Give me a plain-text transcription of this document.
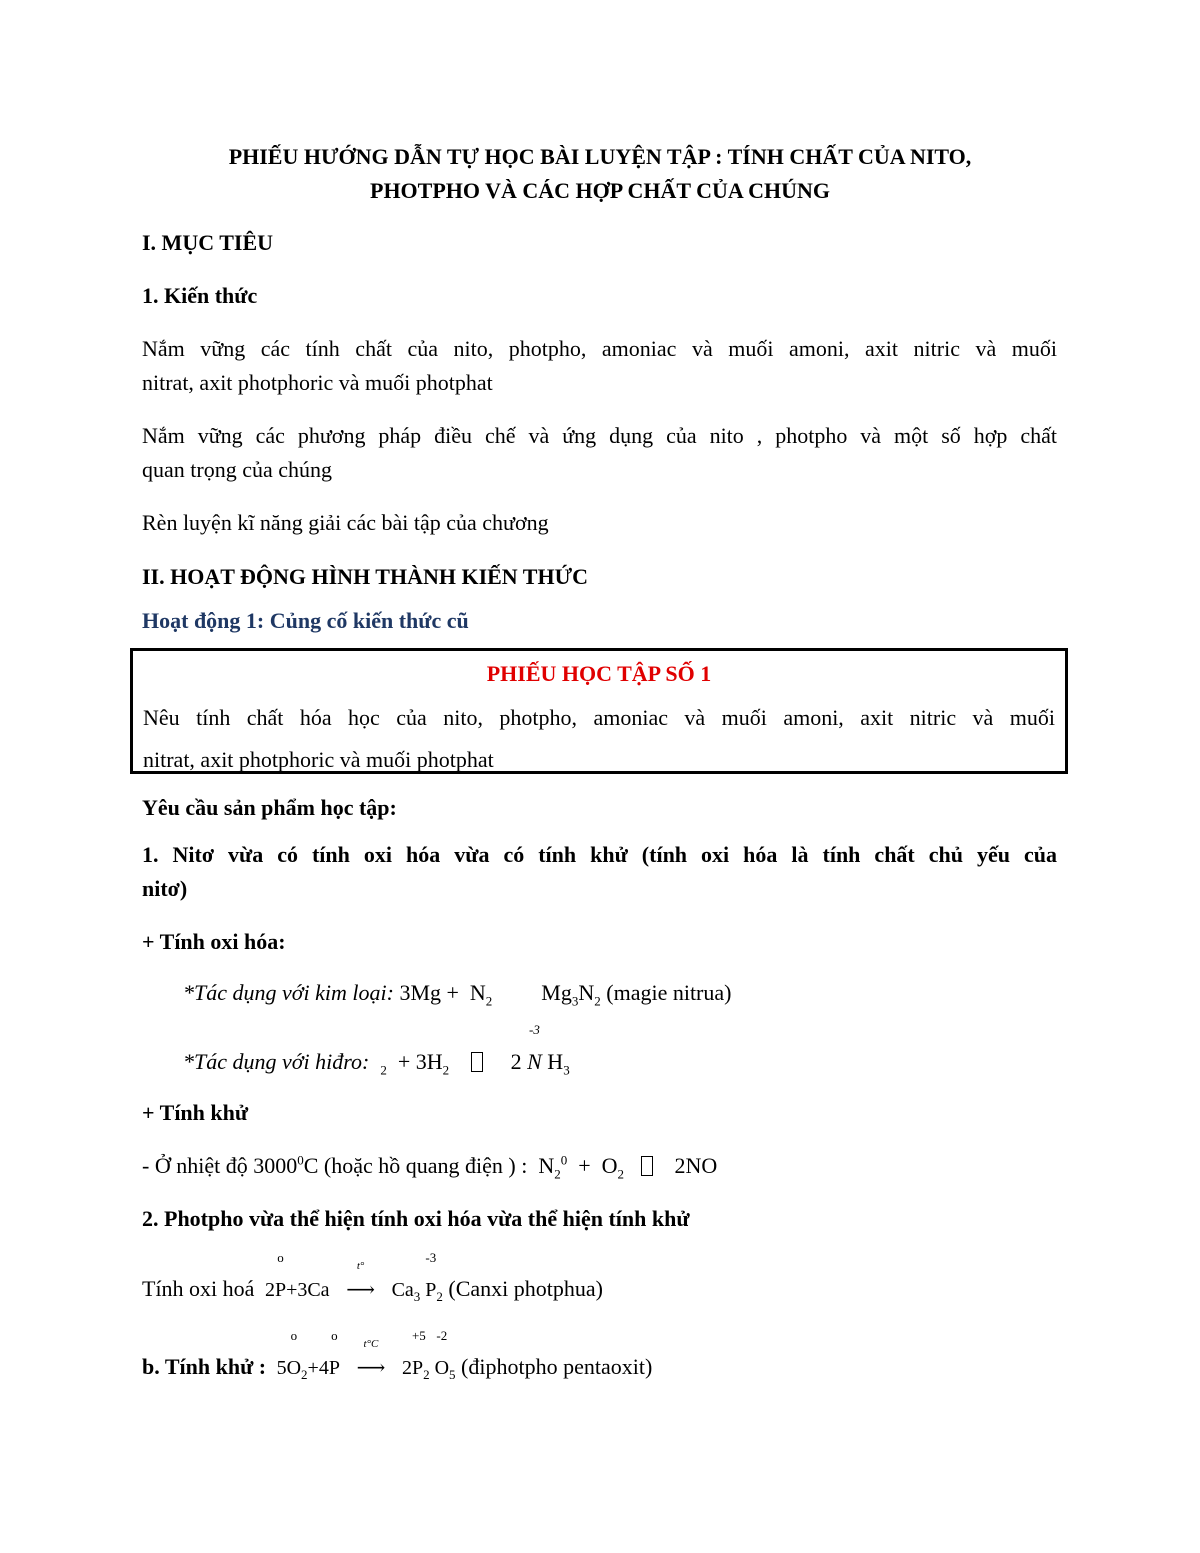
PHIẾU HƯỚNG DẪN TỰ HỌC BÀI LUYỆN TẬP : TÍNH CHẤT CỦA NITO,
PHOTPHO VÀ CÁC HỢP CHẤT CỦA CHÚNG
I. MỤC TIÊU
1. Kiến thức
Nắm vững các tính chất của nito, photpho, amoniac và muối amoni, axit nitric và muối
nitrat, axit photphoric và muối photphat
Nắm vững các phương pháp điều chế và ứng dụng của nito , photpho và một số hợp chất
quan trọng của chúng
Rèn luyện kĩ năng giải các bài tập của chương
II. HOẠT ĐỘNG HÌNH THÀNH KIẾN THỨC
Hoạt động 1: Củng cố kiến thức cũ
PHIẾU HỌC TẬP SỐ 1
Nêu tính chất hóa học của nito, photpho, amoniac và muối amoni, axit nitric và muối
nitrat, axit photphoric và muối photphat
Yêu cầu sản phẩm học tập:
1. Nitơ vừa có tính oxi hóa vừa có tính khử (tính oxi hóa là tính chất chủ yếu của
nitơ)
+ Tính oxi hóa:
*Tác dụng với kim loại: $3Mg + N_2$ $Mg_3N_2$ (magie nitrua)
*Tác dụng với hiđro: $_2 + 3H_2$         2
-3
N $H_3$
+ Tính khử
- Ở nhiệt độ 3000$^0$C (hoặc hồ quang điện ) :  $N_2^0 + O_2$       2NO
2. Photpho vừa thể hiện tính oxi hóa vừa thể hiện tính khử
Tính oxi hoá  2
o
P+3Ca
t°
⟶ $Ca_3$
-3
$P_2$ (Canxi photphua)
b. Tính khử :  5
o
$O_2+4$
o
P
t°C
⟶ 2
+5
$P_2$
-2
$O_5$ (điphotpho pentaoxit)
